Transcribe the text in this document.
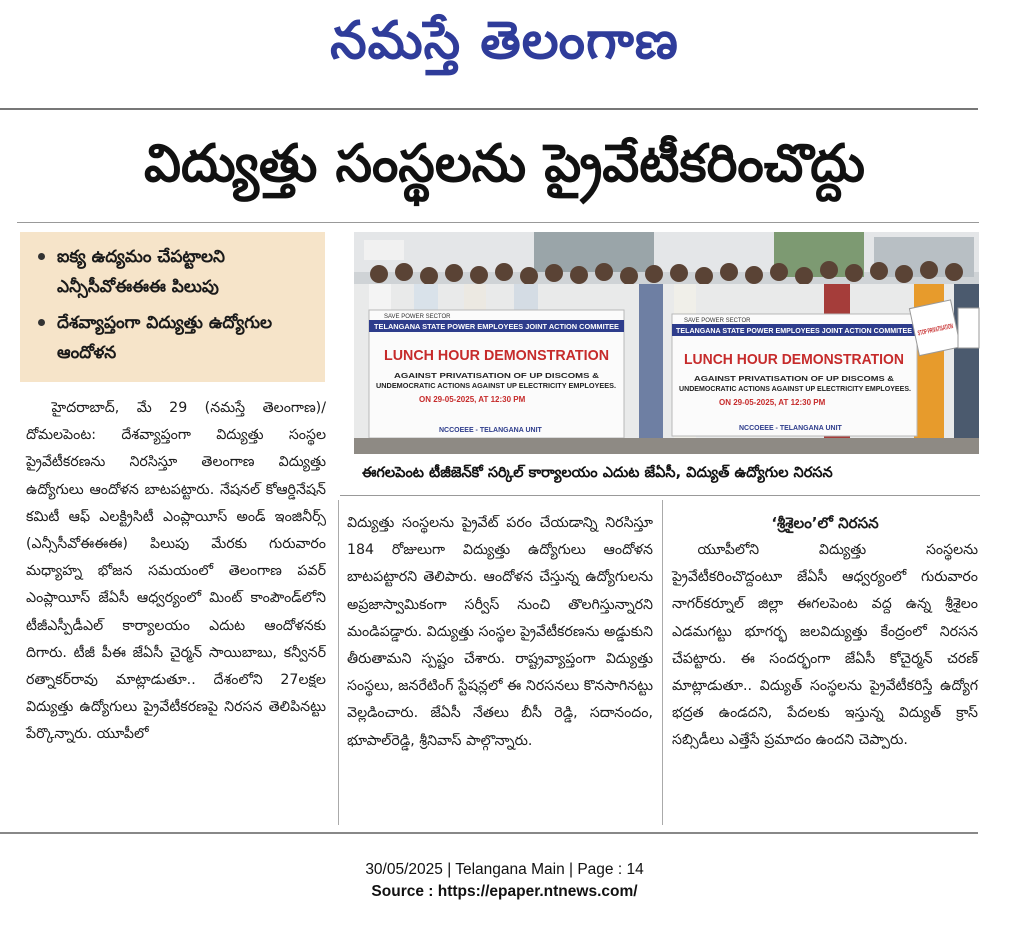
నమస్తే తెలంగాణ
విద్యుత్తు సంస్థలను ప్రైవేటీకరించొద్దు
ఐక్య ఉద్యమం చేపట్టాలని ఎన్సీసీవోఈఈఈ పిలుపు
దేశవ్యాప్తంగా విద్యుత్తు ఉద్యోగుల ఆందోళన
SAVE POWER SECTOR
TELANGANA STATE POWER EMPLOYEES JOINT ACTION COMMITEE
LUNCH HOUR DEMONSTRATION
AGAINST PRIVATISATION OF UP DISCOMS &
UNDEMOCRATIC ACTIONS AGAINST UP ELECTRICITY EMPLOYEES.
ON 29-05-2025, AT 12:30 PM
NCCOEEE - TELANGANA UNIT
SAVE POWER SECTOR
TELANGANA STATE POWER EMPLOYEES JOINT ACTION COMMITEE
LUNCH HOUR DEMONSTRATION
AGAINST PRIVATISATION OF UP DISCOMS &
UNDEMOCRATIC ACTIONS AGAINST UP ELECTRICITY EMPLOYEES.
ON 29-05-2025, AT 12:30 PM
NCCOEEE - TELANGANA UNIT
ఈగలపెంట టీజీజెన్‌కో సర్కిల్ కార్యాలయం ఎదుట జేఏసీ, విద్యుత్ ఉద్యోగుల నిరసన

హైదరాబాద్, మే 29 (నమస్తే తెలంగాణ)/దోమలపెంట: దేశవ్యాప్తంగా విద్యుత్తు సంస్థల ప్రైవేటీకరణను నిరసిస్తూ తెలంగాణ విద్యుత్తు ఉద్యోగులు ఆందోళన బాటపట్టారు. నేషనల్ కోఆర్డినేషన్ కమిటీ ఆఫ్ ఎలక్ట్రిసిటీ ఎంప్లాయీస్ అండ్ ఇంజినీర్స్ (ఎన్సీసీవోఈఈఈ) పిలుపు మేరకు గురువారం మధ్యాహ్న భోజన సమయంలో తెలంగాణ పవర్ ఎంప్లాయీస్ జేఏసీ ఆధ్వర్యంలో మింట్ కాంపౌండ్‌లోని టీజీఎస్పీడీఎల్ కార్యాలయం ఎదుట ఆందోళనకు దిగారు. టీజీ పీఈ జేఏసీ చైర్మన్ సాయిబాబు, కన్వీనర్ రత్నాకర్‌రావు మాట్లాడుతూ.. దేశంలోని 27లక్షల విద్యుత్తు ఉద్యోగులు ప్రైవేటీకరణపై నిరసన తెలిపినట్టు పేర్కొన్నారు. యూపీలో

విద్యుత్తు సంస్థలను ప్రైవేట్ పరం చేయడాన్ని నిరసిస్తూ 184 రోజులుగా విద్యుత్తు ఉద్యోగులు ఆందోళన బాటపట్టారని తెలిపారు. ఆందోళన చేస్తున్న ఉద్యోగులను అప్రజాస్వామికంగా సర్వీస్ నుంచి తొలగిస్తున్నారని మండిపడ్డారు. విద్యుత్తు సంస్థల ప్రైవేటీకరణను అడ్డుకుని తీరుతామని స్పష్టం చేశారు. రాష్ట్రవ్యాప్తంగా విద్యుత్తు సంస్థలు, జనరేటింగ్ స్టేషన్లలో ఈ నిరసనలు కొనసాగినట్టు వెల్లడించారు. జేఏసీ నేతలు బీసీ రెడ్డి, సదానందం, భూపాల్‌రెడ్డి, శ్రీనివాస్ పాల్గొన్నారు.

‘శ్రీశైలం’లో నిరసన

యూపీలోని విద్యుత్తు సంస్థలను ప్రైవేటీకరించొద్దంటూ జేఏసీ ఆధ్వర్యంలో గురువారం నాగర్‌కర్నూల్ జిల్లా ఈగలపెంట వద్ద ఉన్న శ్రీశైలం ఎడమగట్టు భూగర్భ జలవిద్యుత్తు కేంద్రంలో నిరసన చేపట్టారు. ఈ సందర్భంగా జేఏసీ కోచైర్మన్ చరణ్ మాట్లాడుతూ.. విద్యుత్ సంస్థలను ప్రైవేటీకరిస్తే ఉద్యోగ భద్రత ఉండదని, పేదలకు ఇస్తున్న విద్యుత్ క్రాస్ సబ్సిడీలు ఎత్తేసే ప్రమాదం ఉందని చెప్పారు.

30/05/2025 | Telangana Main | Page : 14
Source : https://epaper.ntnews.com/
